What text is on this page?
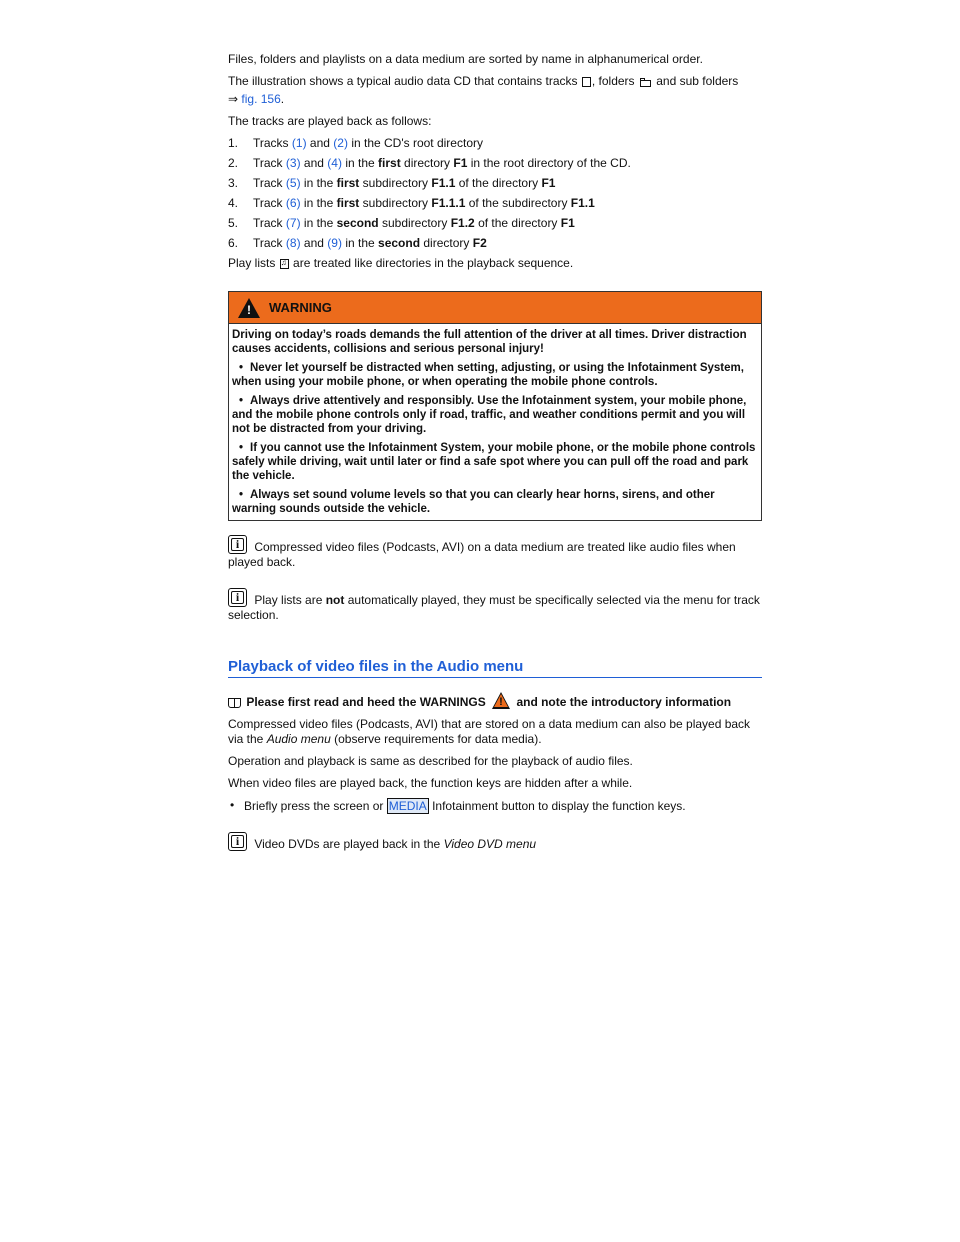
Files, folders and playlists on a data medium are sorted by name in alphanumerical order.

The illustration shows a typical audio data CD that contains tracks , folders and sub folders

⇒ fig. 156.

The tracks are played back as follows:

1. Tracks (1) and (2) in the CD's root directory
2. Track (3) and (4) in the first directory F1 in the root directory of the CD.
3. Track (5) in the first subdirectory F1.1 of the directory F1
4. Track (6) in the first subdirectory F1.1.1 of the subdirectory F1.1
5. Track (7) in the second subdirectory F1.2 of the directory F1
6. Track (8) and (9) in the second directory F2

Play lists ♫ are treated like directories in the playback sequence.

! WARNING

Driving on today’s roads demands the full attention of the driver at all times. Driver distraction causes accidents, collisions and serious personal injury!

• Never let yourself be distracted when setting, adjusting, or using the Infotainment System, when using your mobile phone, or when operating the mobile phone controls.
• Always drive attentively and responsibly. Use the Infotainment system, your mobile phone, and the mobile phone controls only if road, traffic, and weather conditions permit and you will not be distracted from your driving.
• If you cannot use the Infotainment System, your mobile phone, or the mobile phone controls safely while driving, wait until later or find a safe spot where you can pull off the road and park the vehicle.
• Always set sound volume levels so that you can clearly hear horns, sirens, and other warning sounds outside the vehicle.

i	Compressed video files (Podcasts, AVI) on a data medium are treated like audio files when played back.

i	Play lists are not automatically played, they must be specifically selected via the menu for track selection.

Playback of video files in the Audio menu

Please first read and heed the WARNINGS ! and note the introductory information

Compressed video files (Podcasts, AVI) that are stored on a data medium can also be played back via the Audio menu (observe requirements for data media).

Operation and playback is same as described for the playback of audio files.

When video files are played back, the function keys are hidden after a while.

• Briefly press the screen or MEDIA Infotainment button to display the function keys.

i	Video DVDs are played back in the Video DVD menu
